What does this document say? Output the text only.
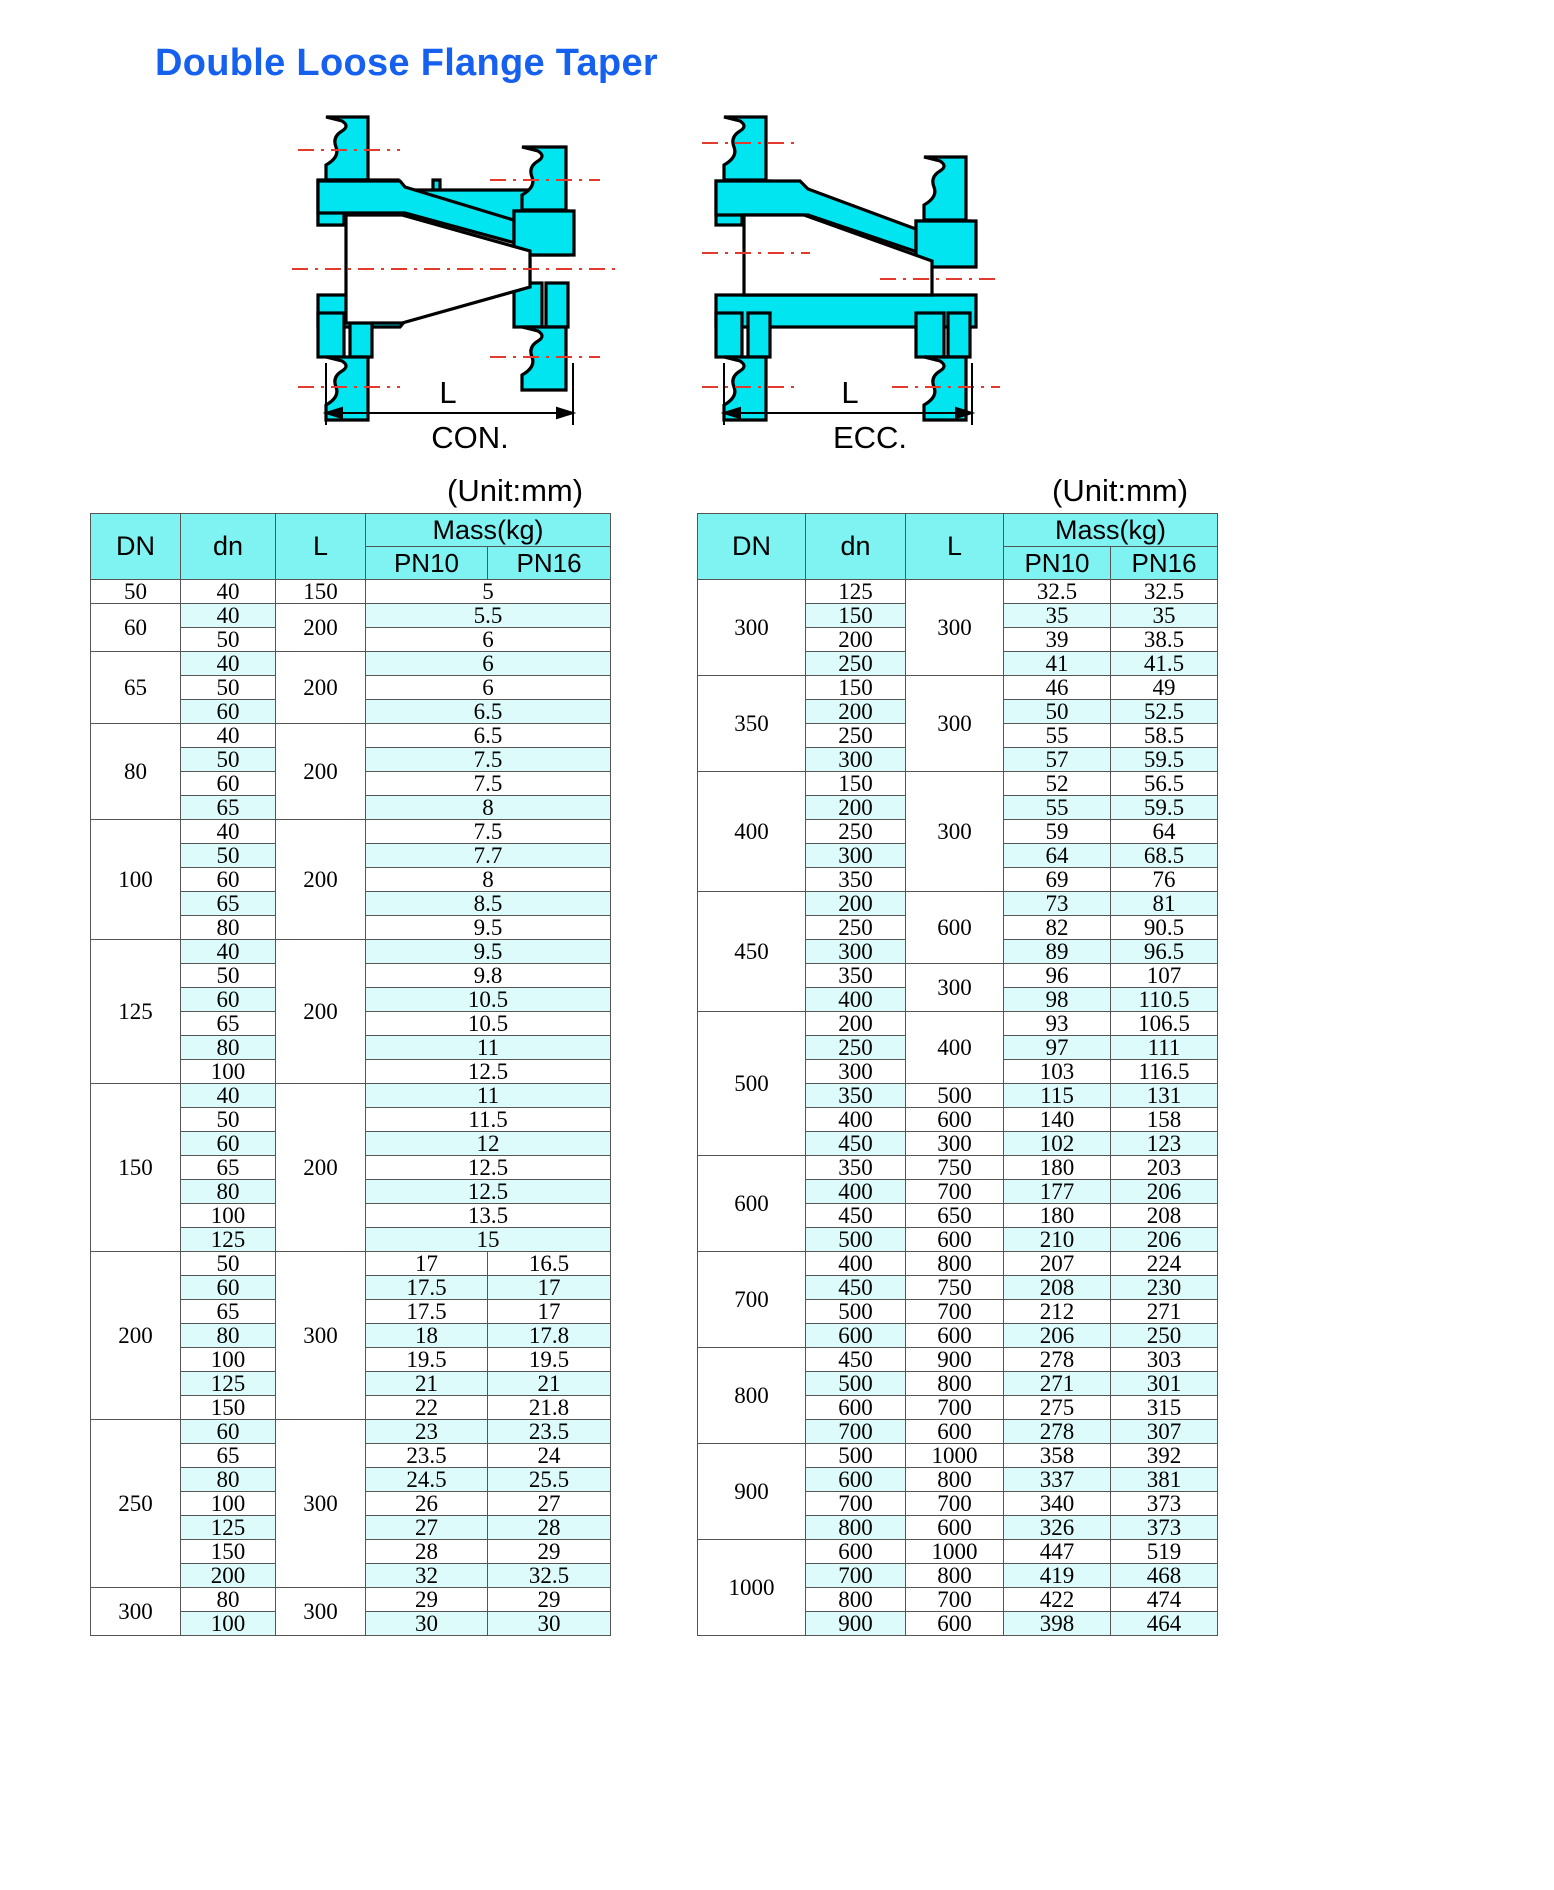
Double Loose Flange Taper
L
CON.
L
ECC.
(Unit:mm)	(Unit:mm)
DN	dn	L	Mass(kg)	
			PN10	PN16
50	40	150	5	
60	40	200	5.5	
	50		6	
65	40	200	6	
	50		6	
	60		6.5	
80	40	200	6.5	
	50		7.5	
	60		7.5	
	65		8	
100	40	200	7.5	
	50		7.7	
	60		8	
	65		8.5	
	80		9.5	
125	40	200	9.5	
	50		9.8	
	60		10.5	
	65		10.5	
	80		11	
	100		12.5	
150	40	200	11	
	50		11.5	
	60		12	
	65		12.5	
	80		12.5	
	100		13.5	
	125		15	
200	50	300	17	16.5
	60		17.5	17
	65		17.5	17
	80		18	17.8
	100		19.5	19.5
	125		21	21
	150		22	21.8
250	60	300	23	23.5
	65		23.5	24
	80		24.5	25.5
	100		26	27
	125		27	28
	150		28	29
	200		32	32.5
300	80	300	29	29
	100		30	30
DN	dn	L	Mass(kg)	
			PN10	PN16
300	125	300	32.5	32.5
	150		35	35
	200		39	38.5
	250		41	41.5
350	150	300	46	49
	200		50	52.5
	250		55	58.5
	300		57	59.5
400	150	300	52	56.5
	200		55	59.5
	250		59	64
	300		64	68.5
	350		69	76
450	200	600	73	81
	250		82	90.5
	300		89	96.5
	350	300	96	107
	400		98	110.5
500	200	400	93	106.5
	250		97	111
	300		103	116.5
	350	500	115	131
	400	600	140	158
	450	300	102	123
600	350	750	180	203
	400	700	177	206
	450	650	180	208
	500	600	210	206
700	400	800	207	224
	450	750	208	230
	500	700	212	271
	600	600	206	250
800	450	900	278	303
	500	800	271	301
	600	700	275	315
	700	600	278	307
900	500	1000	358	392
	600	800	337	381
	700	700	340	373
	800	600	326	373
1000	600	1000	447	519
	700	800	419	468
	800	700	422	474
	900	600	398	464
